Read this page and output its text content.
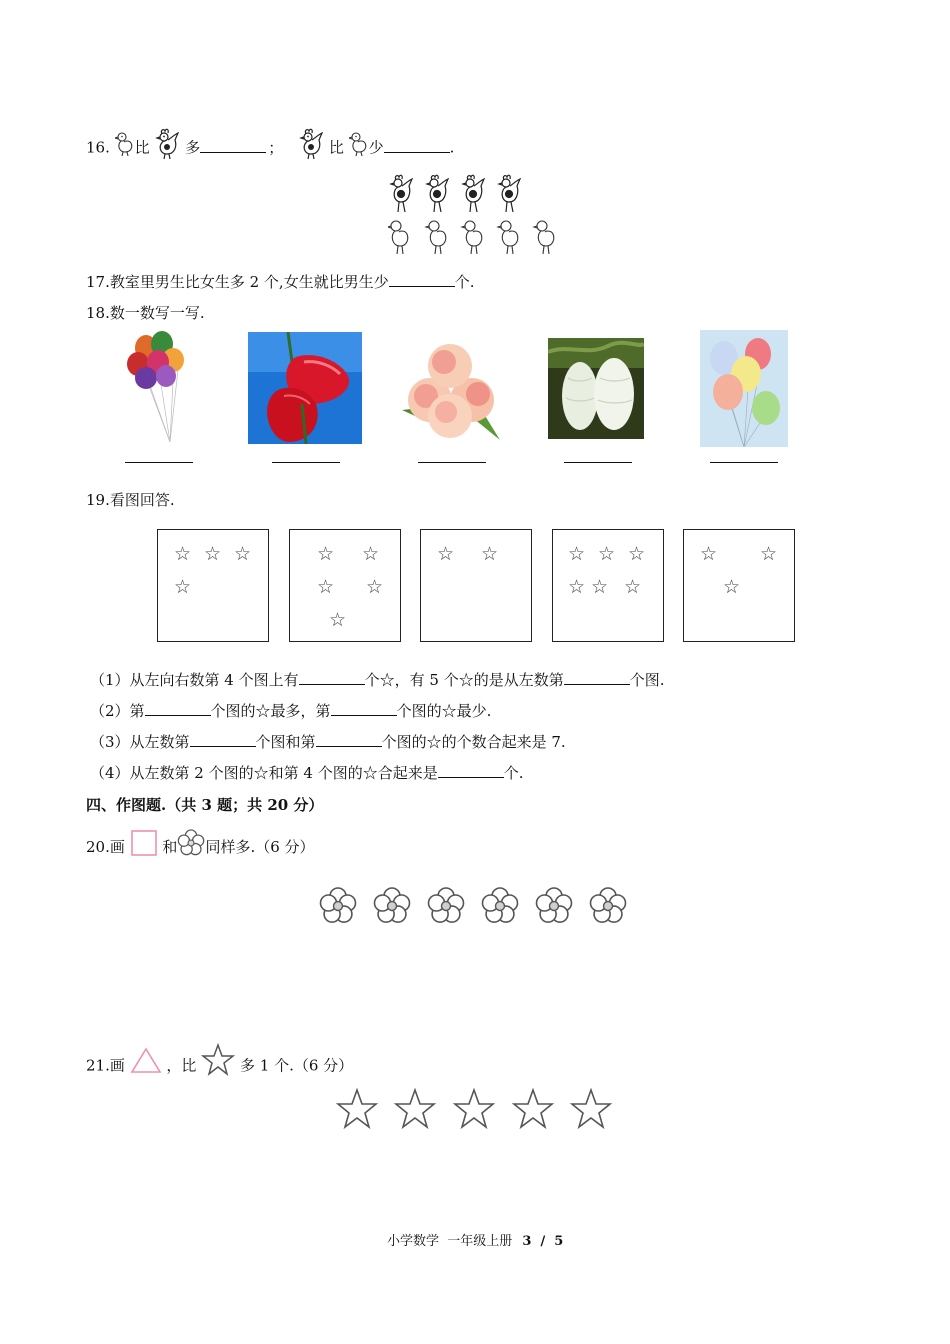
16. 比 多	；	比 少	.
17.教室里男生比女生多 2 个,女生就比男生少	个.
18.数一数写一写.
19.看图回答.
☆ ☆ ☆
☆
☆ ☆
☆ ☆
☆
☆ ☆	☆ ☆ ☆
☆ ☆ ☆
☆ ☆
☆
（1）从左向右数第 4 个图上有	个☆，有 5 个☆的是从左数第	个图.
（2）第	个图的☆最多，第	个图的☆最少.
（3）从左数第	个图和第	个图的☆的个数合起来是 7.
（4）从左数第 2 个图的☆和第 4 个图的☆合起来是	个.
四、作图题.（共 3 题；共 20 分）
20.画	和 同样多.（6 分）
21.画	，比	多 1 个.（6 分）
小学数学  一年级上册 3  /  5
